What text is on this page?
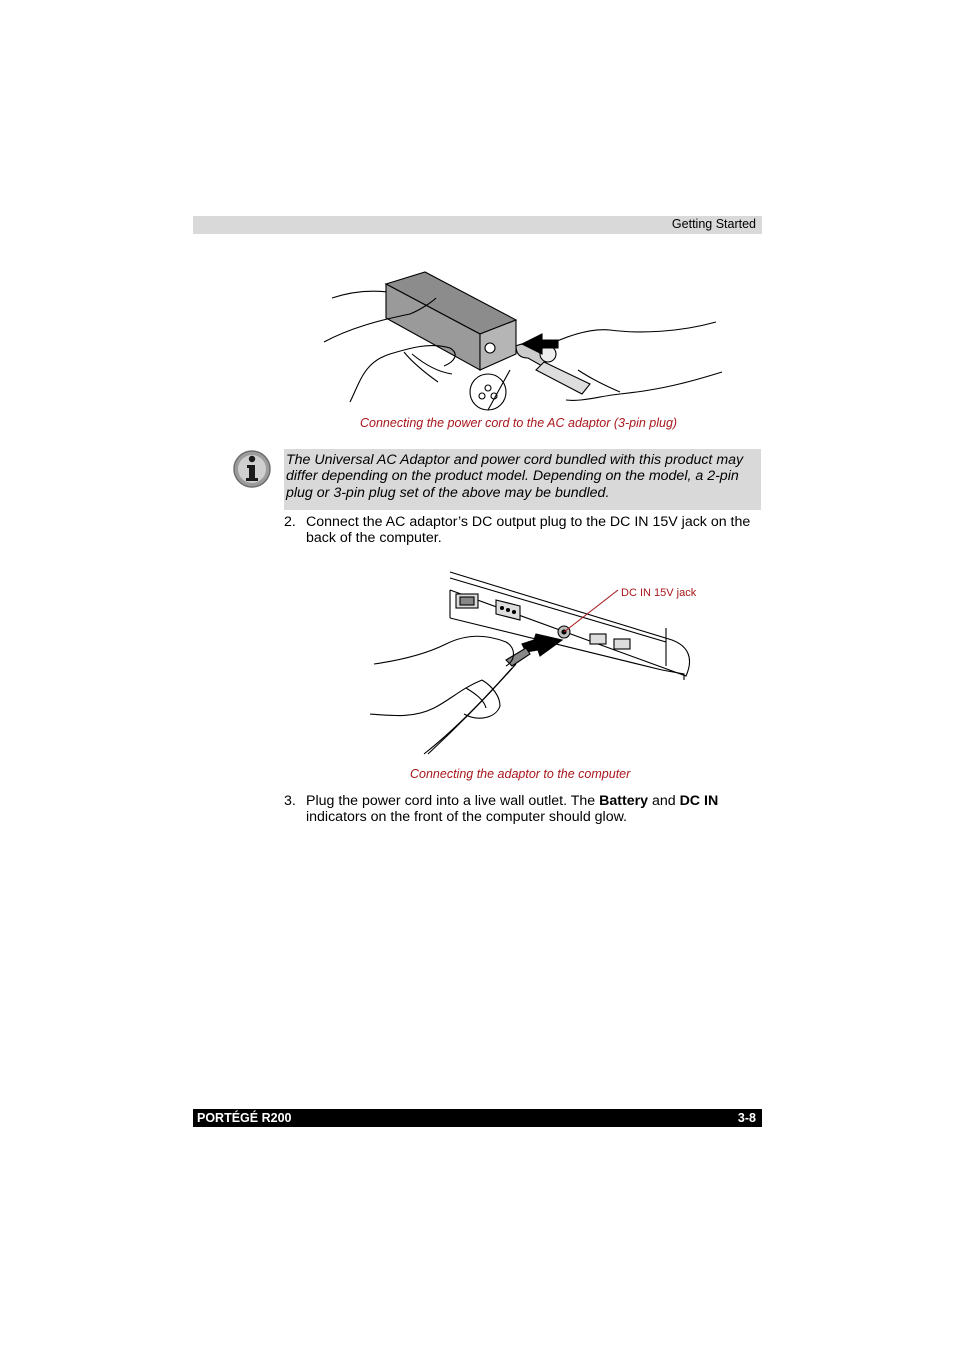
Getting Started
Connecting the power cord to the AC adaptor (3-pin plug)
The Universal AC Adaptor and power cord bundled with this product may differ depending on the product model. Depending on the model, a 2-pin plug or 3-pin plug set of the above may be bundled.
2. Connect the AC adaptor’s DC output plug to the DC IN 15V jack on the back of the computer.
DC IN 15V jack
Connecting the adaptor to the computer
3. Plug the power cord into a live wall outlet. The Battery and DC IN indicators on the front of the computer should glow.
PORTÉGÉ R200	3-8
